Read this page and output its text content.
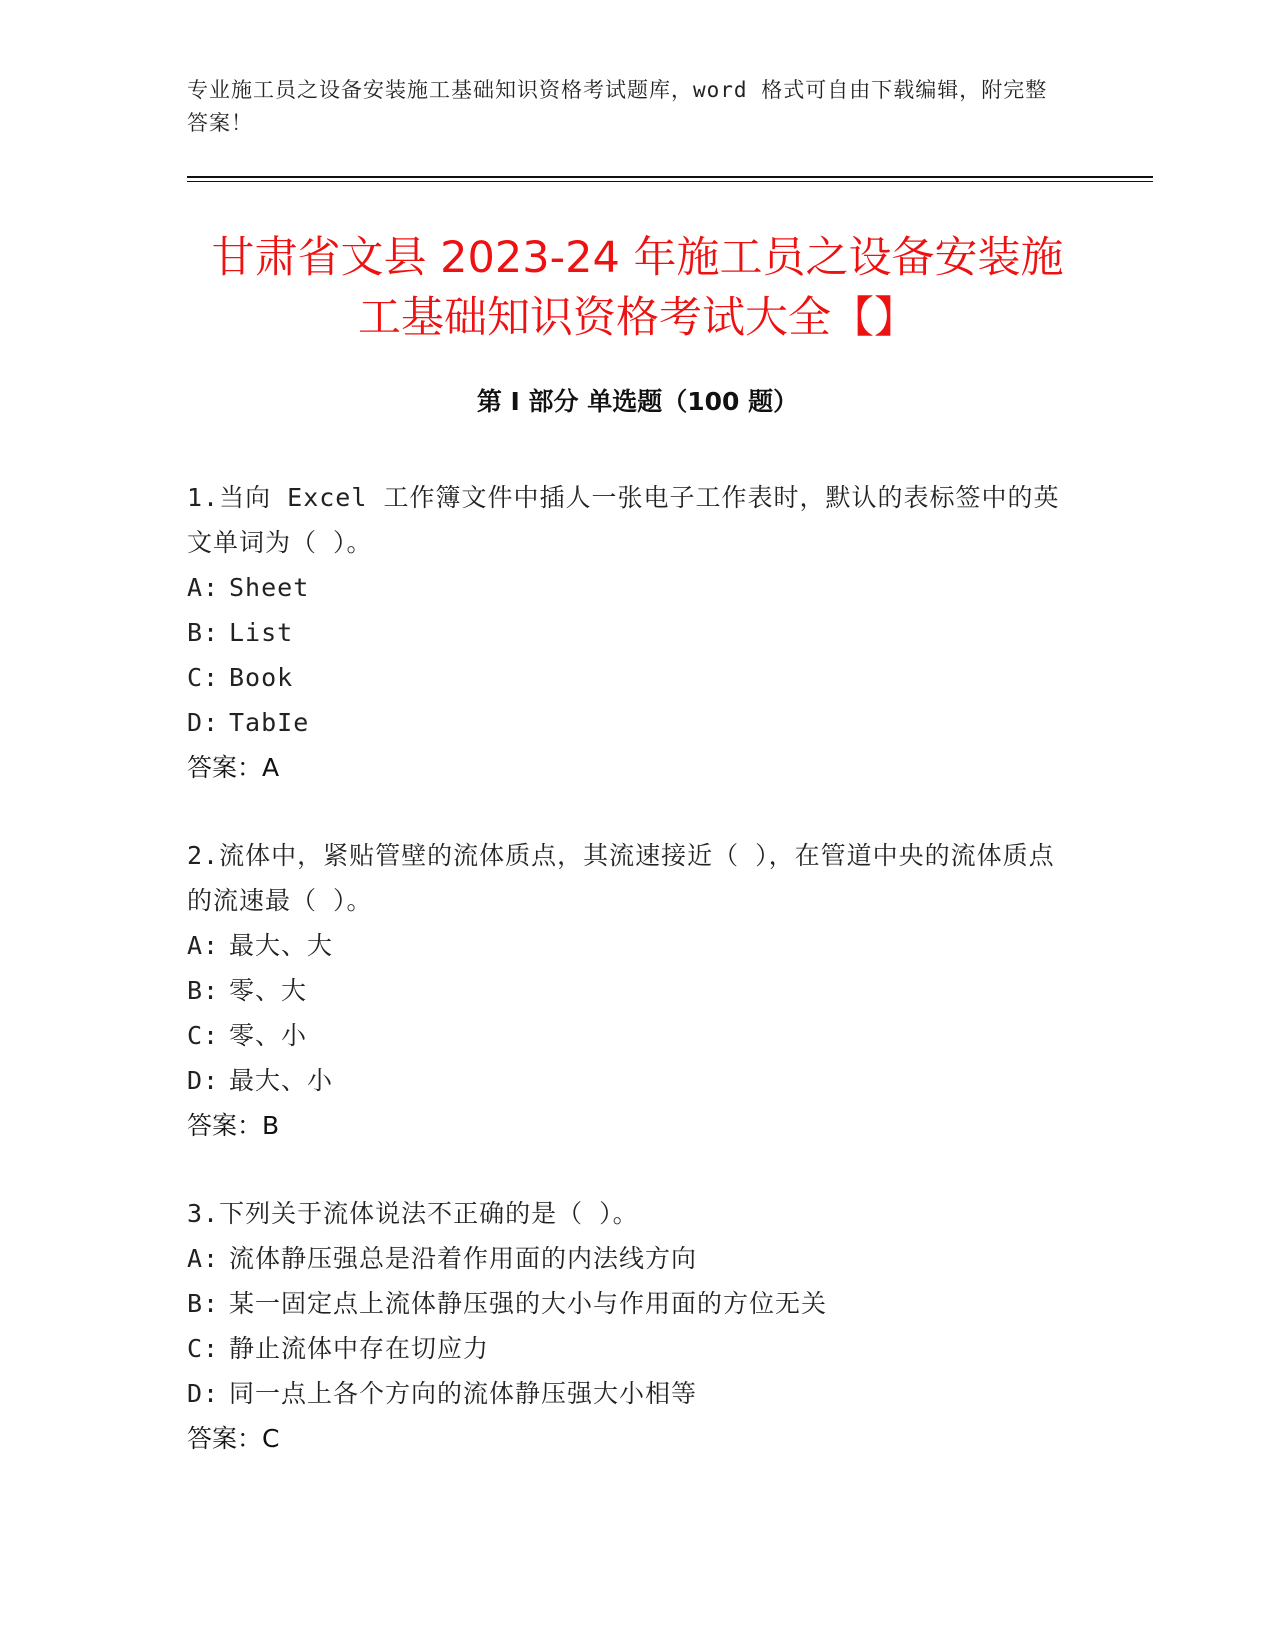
专业施工员之设备安装施工基础知识资格考试题库，word 格式可自由下载编辑，附完整答案！
甘肃省文县 2023-24 年施工员之设备安装施
工基础知识资格考试大全【】
第 I 部分 单选题（100 题）
1.当向 Excel 工作簿文件中插人一张电子工作表时，默认的表标签中的英文单词为（ ）。
A: Sheet
B: List
C: Book
D: TabIe
答案：A
2.流体中，紧贴管壁的流体质点，其流速接近（ ），在管道中央的流体质点的流速最（ ）。
A: 最大、大
B: 零、大
C: 零、小
D: 最大、小
答案：B
3.下列关于流体说法不正确的是（ ）。
A: 流体静压强总是沿着作用面的内法线方向
B: 某一固定点上流体静压强的大小与作用面的方位无关
C: 静止流体中存在切应力
D: 同一点上各个方向的流体静压强大小相等
答案：C
